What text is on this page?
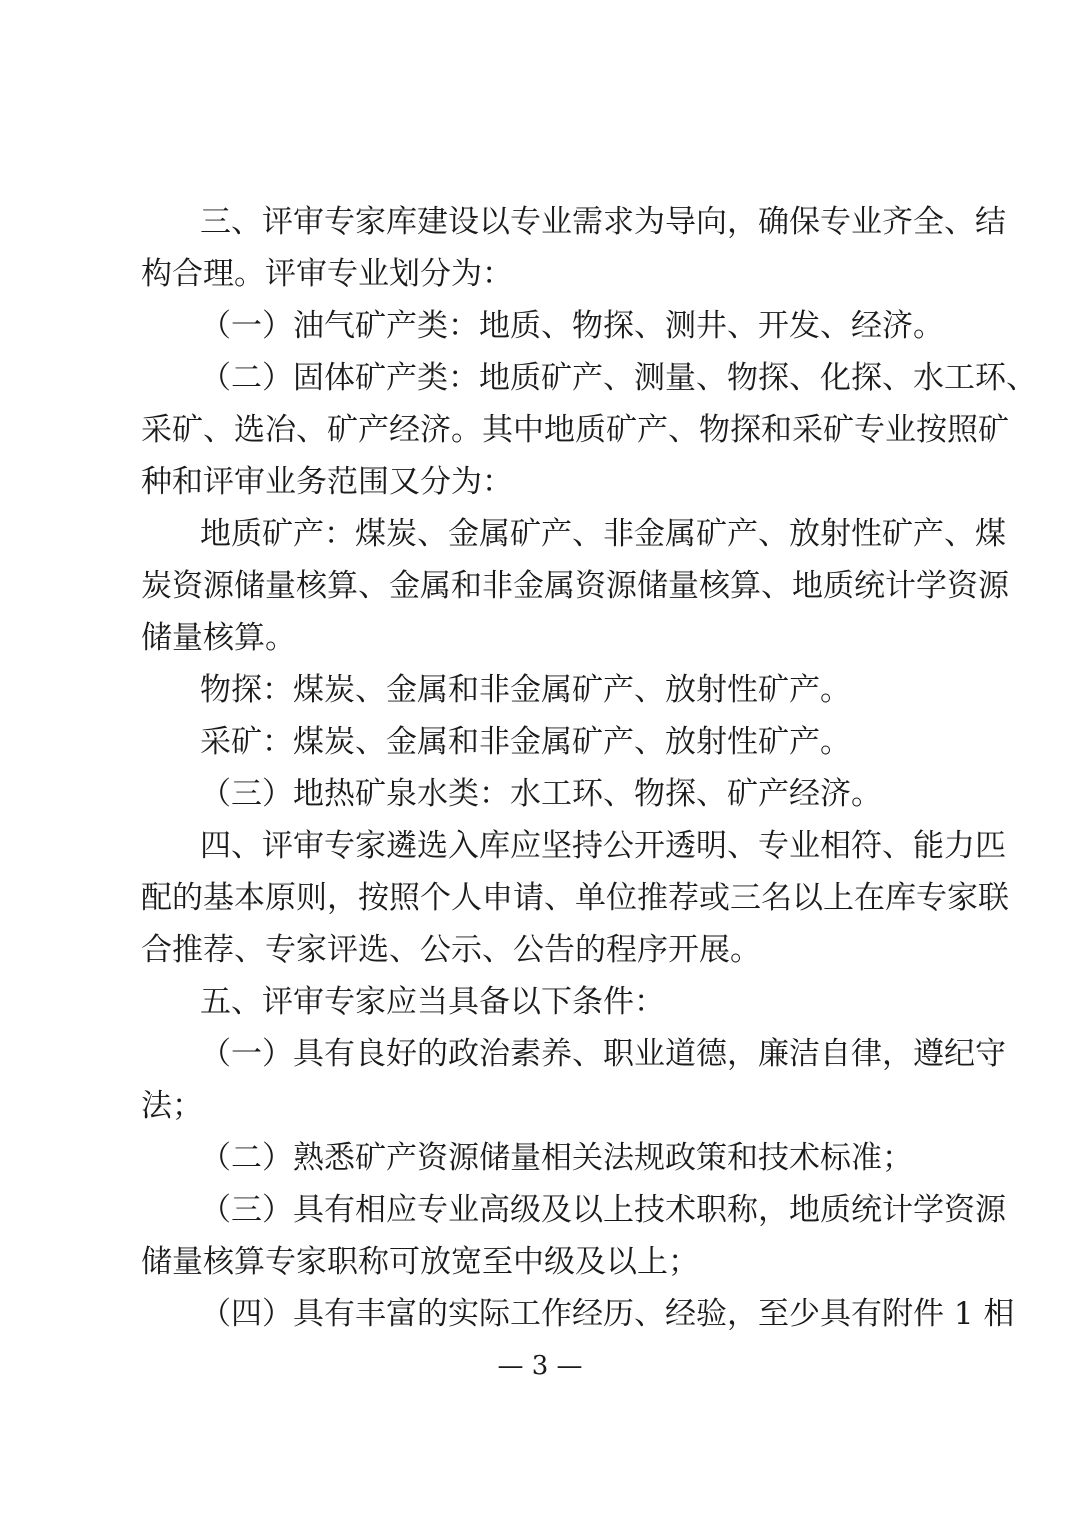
三、评审专家库建设以专业需求为导向，确保专业齐全、结
构合理。评审专业划分为：
（一）油气矿产类：地质、物探、测井、开发、经济。
（二）固体矿产类：地质矿产、测量、物探、化探、水工环、
采矿、选冶、矿产经济。其中地质矿产、物探和采矿专业按照矿
种和评审业务范围又分为：
地质矿产：煤炭、金属矿产、非金属矿产、放射性矿产、煤
炭资源储量核算、金属和非金属资源储量核算、地质统计学资源
储量核算。
物探：煤炭、金属和非金属矿产、放射性矿产。
采矿：煤炭、金属和非金属矿产、放射性矿产。
（三）地热矿泉水类：水工环、物探、矿产经济。
四、评审专家遴选入库应坚持公开透明、专业相符、能力匹
配的基本原则，按照个人申请、单位推荐或三名以上在库专家联
合推荐、专家评选、公示、公告的程序开展。
五、评审专家应当具备以下条件：
（一）具有良好的政治素养、职业道德，廉洁自律，遵纪守
法；
（二）熟悉矿产资源储量相关法规政策和技术标准；
（三）具有相应专业高级及以上技术职称，地质统计学资源
储量核算专家职称可放宽至中级及以上；
（四）具有丰富的实际工作经历、经验，至少具有附件 1 相
— 3 —
